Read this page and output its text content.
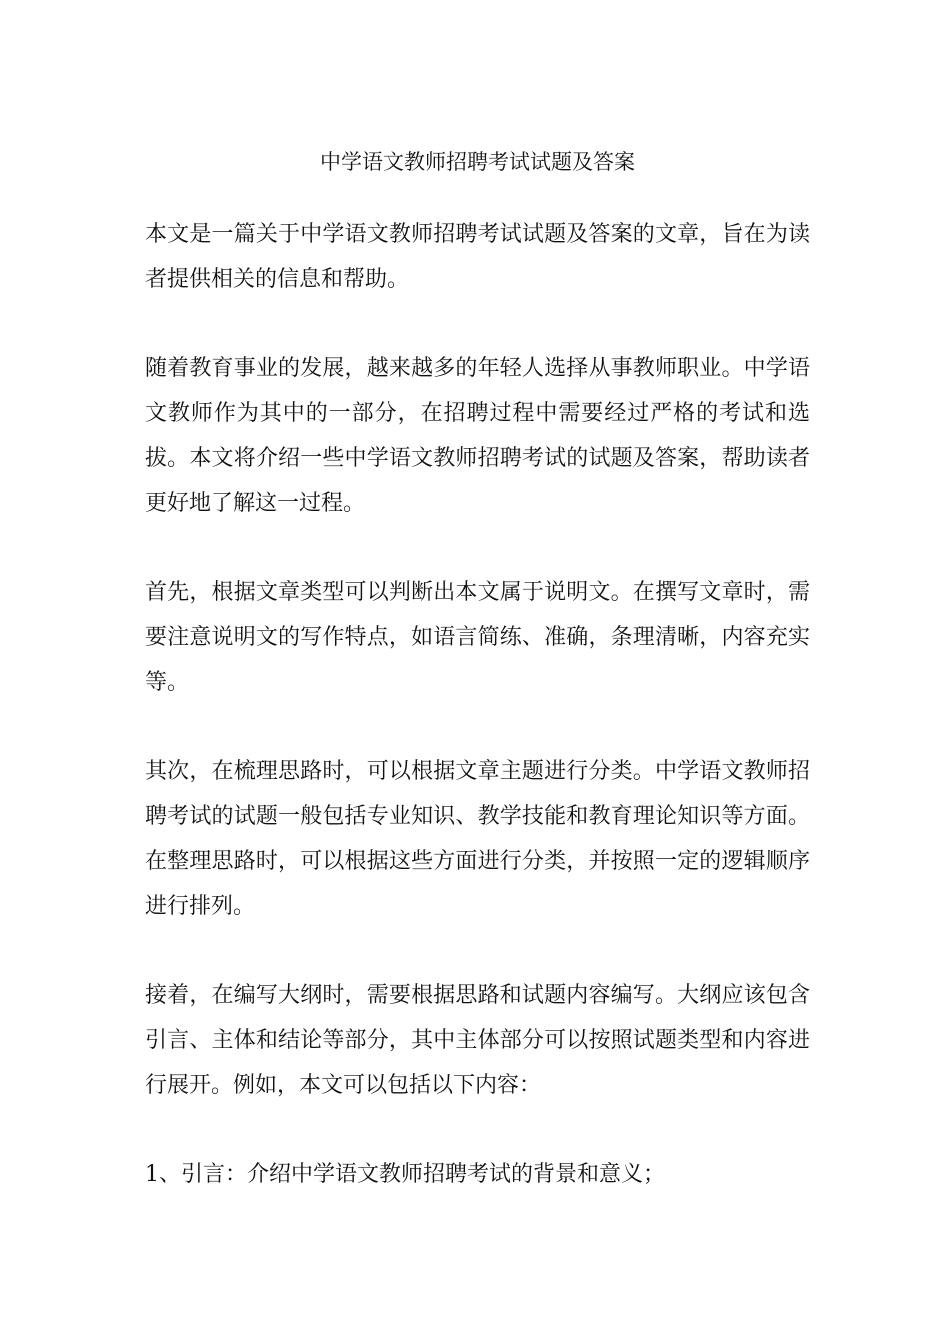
中学语文教师招聘考试试题及答案

本文是一篇关于中学语文教师招聘考试试题及答案的文章，旨在为读者提供相关的信息和帮助。

随着教育事业的发展，越来越多的年轻人选择从事教师职业。中学语文教师作为其中的一部分，在招聘过程中需要经过严格的考试和选拔。本文将介绍一些中学语文教师招聘考试的试题及答案，帮助读者更好地了解这一过程。

首先，根据文章类型可以判断出本文属于说明文。在撰写文章时，需要注意说明文的写作特点，如语言简练、准确，条理清晰，内容充实等。

其次，在梳理思路时，可以根据文章主题进行分类。中学语文教师招聘考试的试题一般包括专业知识、教学技能和教育理论知识等方面。在整理思路时，可以根据这些方面进行分类，并按照一定的逻辑顺序进行排列。

接着，在编写大纲时，需要根据思路和试题内容编写。大纲应该包含引言、主体和结论等部分，其中主体部分可以按照试题类型和内容进行展开。例如，本文可以包括以下内容：

1、引言：介绍中学语文教师招聘考试的背景和意义；
